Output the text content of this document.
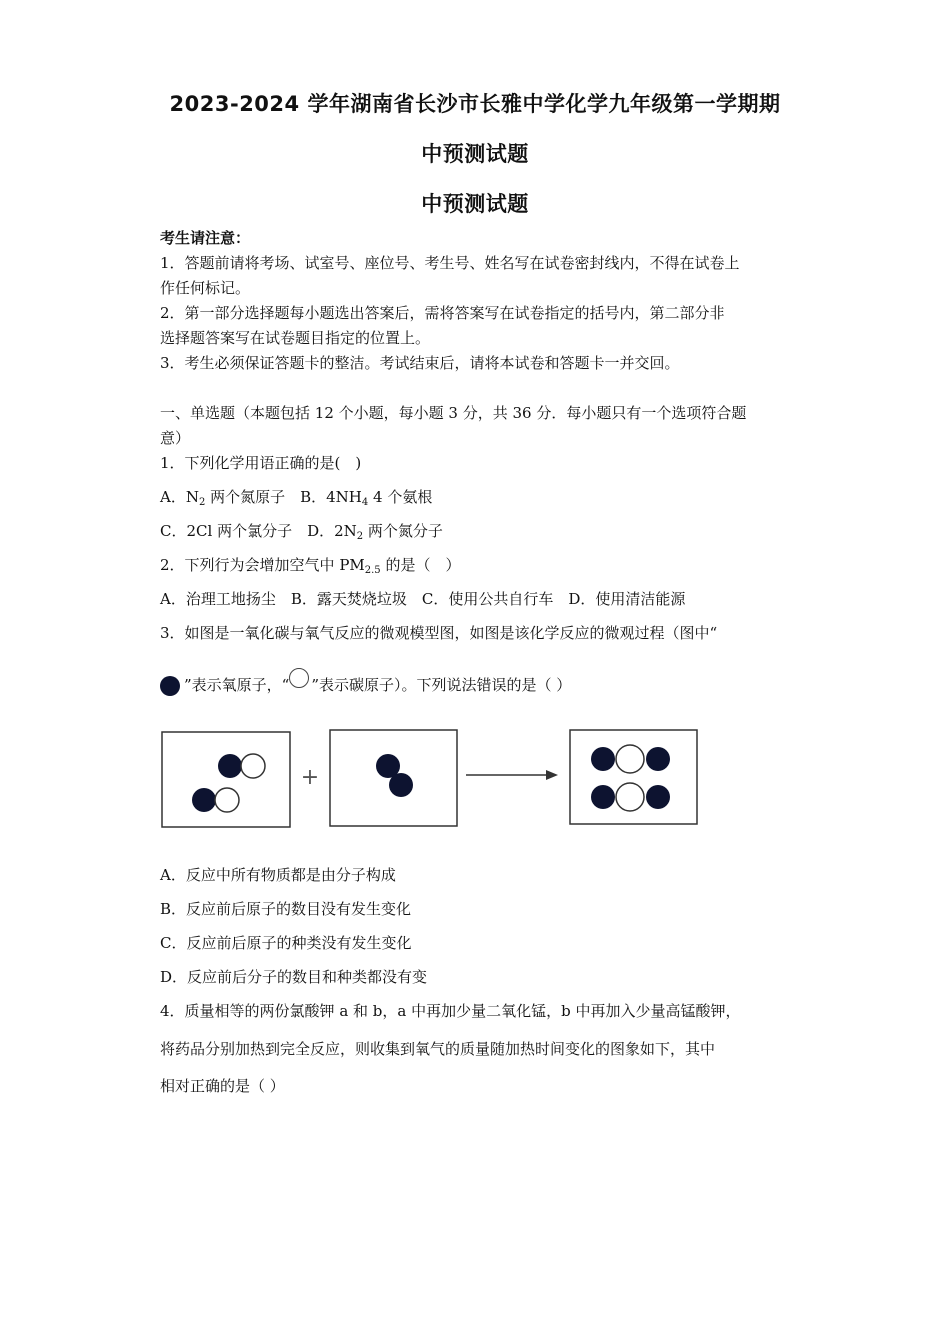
2023-2024 学年湖南省长沙市长雅中学化学九年级第一学期期
中预测试题
中预测试题
考生请注意：
1．答题前请将考场、试室号、座位号、考生号、姓名写在试卷密封线内，不得在试卷上
作任何标记。
2．第一部分选择题每小题选出答案后，需将答案写在试卷指定的括号内，第二部分非
选择题答案写在试卷题目指定的位置上。
3．考生必须保证答题卡的整洁。考试结束后，请将本试卷和答题卡一并交回。
一、单选题（本题包括 12 个小题，每小题 3 分，共 36 分．每小题只有一个选项符合题
意）
1．下列化学用语正确的是(　)
A．$N_2$ 两个氮原子　B．$4NH_4$ 4 个氨根
C．2Cl 两个氯分子　D．$2N_2$ 两个氮分子
2．下列行为会增加空气中 $PM_{2.5}$ 的是（　）
A．治理工地扬尘　B．露天焚烧垃圾　C．使用公共自行车　D．使用清洁能源
3．如图是一氧化碳与氧气反应的微观模型图，如图是该化学反应的微观过程（图中“
”表示氧原子，“ ”表示碳原子）。下列说法错误的是（ ）
+
A．反应中所有物质都是由分子构成
B．反应前后原子的数目没有发生变化
C．反应前后原子的种类没有发生变化
D．反应前后分子的数目和种类都没有变
4．质量相等的两份氯酸钾 a 和 b，a 中再加少量二氧化锰，b 中再加入少量高锰酸钾，
将药品分别加热到完全反应，则收集到氧气的质量随加热时间变化的图象如下，其中
相对正确的是（ ）
